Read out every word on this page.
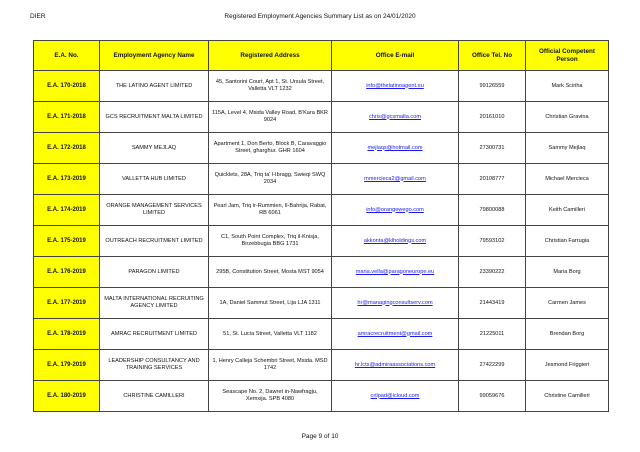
DIER	Registered Employment Agencies Summary List as on 24/01/2020
E.A. No.	Employment Agency Name	Registered Address	Office E-mail	Office Tel. No	Official Competent Person
E.A. 170-2018	THE LATINO AGENT LIMITED	45, Santorini Court, Apt 1, St. Ursula Street, Valletta VLT 1232	info@thelatinoagent.eu	99126559	Mark Sciriha
E.A. 171-2018	GCS RECRUITMENT MALTA LIMITED	115A, Level 4, Msida Valley Road, B'Kara BKR 9024	chris@gcsmalta.com	20161010	Christian Gravina
E.A. 172-2018	SAMMY MEJLAQ	Apartment 1, Don Berto, Block B, Caravaggio Street, għargħur. GHR 1604	mejlaqs@hotmail.com	27300731	Sammy Mejlaq
E.A. 173-2019	VALLETTA HUB LIMITED	Quicklets, 28A, Triq ta' l-Ibragg, Swieqi SWQ 2034	mmercieca2@gmail.com	20108777	Michael Mercieca
E.A. 174-2019	ORANGE MANAGEMENT SERVICES LIMITED	Pearl Jam, Triq ir-Rummien, Il-Bahrija, Rabat, RB 6061	info@orangewego.com	79800088	Keith Camilleri
E.A. 175-2019	OUTREACH RECRUITMENT LIMITED	C1, South Point Complex, Triq il-Knisja, Birzebbugia BBG 1731	akkonta@klholdings.com	79593102	Christian Farrugia
E.A. 176-2019	PARAGON LIMITED	295B, Constitution Street, Mosta MST 9054	maria.vella@paragoneurope.eu	23390222	Maria Borg
E.A. 177-2019	MALTA INTERNATIONAL RECRUITING AGENCY LIMITED	1A, Daniel Sammut Street, Lija LJA 1311	hr@managingconsultserv.com	21443419	Carmen James
E.A. 178-2019	AMRAC RECRUITMENT LIMITED	51, St. Lucia Street, Valletta VLT 1182	amracrecruitment@gmail.com	21225011	Brendan Borg
E.A. 179-2019	LEADERSHIP CONSULTANCY AND TRAINING SERVICES	1, Henry Calleja Schembri Street, Msida. MSD 1742	hr.lcts@admiraassociations.com	27422299	Jesmond Friggieri
E.A. 180-2019	CHRISTINE CAMILLERI	Seascape No. 2, Dawret in-Nawfragju, Xemxija. SPB 4080	crilpad@icloud.com	99059676	Christine Camilleri
Page 9 of 10
